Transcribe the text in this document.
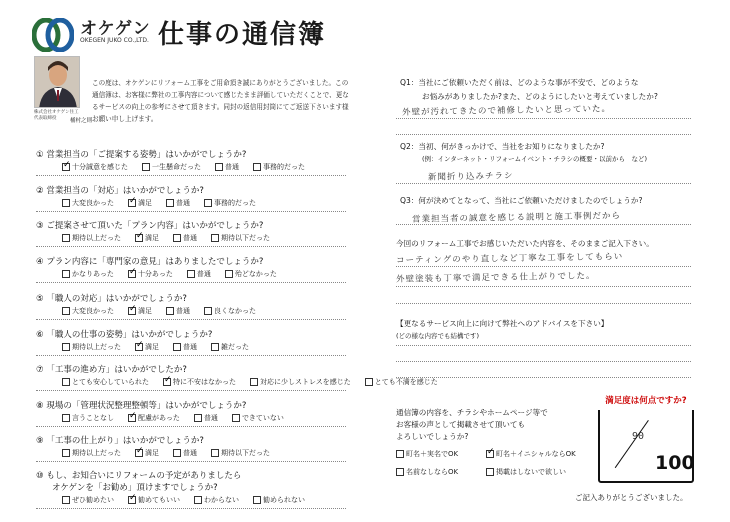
オケゲン
OKEGEN JUKO CO.,LTD. 仕事の通信簿
株式会社オケゲン住工
代表取締役 桶村之則
この度は、オケゲンにリフォーム工事をご用命頂き誠にありがとうございました。この通信簿は、お客様に弊社の工事内容について感じたまま評価していただくことで、更なるサービスの向上の参考にさせて頂きます。同封の返信用封筒にてご返送下さいます様お願い申し上げます。
① 営業担当の「ご提案する姿勢」はいかがでしょうか?
✓
十分誠意を感じた	一生懸命だった	普通	事務的だった
② 営業担当の「対応」はいかがでしょうか?
大変良かった ✓	満足	普通	事務的だった
③ ご提案させて頂いた「プラン内容」はいかがでしょうか?
期待以上だった ✓	満足	普通	期待以下だった
④ プラン内容に「専門家の意見」はありましたでしょうか?
かなりあった ✓	十分あった	普通	殆どなかった
⑤ 「職人の対応」はいかがでしょうか?
大変良かった ✓	満足	普通	良くなかった
⑥ 「職人の仕事の姿勢」はいかがでしょうか?
期待以上だった ✓	満足	普通	雑だった
⑦ 「工事の進め方」はいかがでしたか?
とても安心していられた ✓	特に不安はなかった	対応に少しストレスを感じた	とても不満を感じた
⑧ 現場の「管理状況整理整頓等」はいかがでしょうか?
言うことなし ✓	配慮があった	普通	できていない
⑨ 「工事の仕上がり」はいかがでしょうか?
期待以上だった ✓	満足	普通	期待以下だった
⑩ もし、お知合いにリフォームの予定がありましたら
オケゲンを「お勧め」頂けますでしょうか?
ぜひ勧めたい ✓	勧めてもいい	わからない	勧められない
Q1：当社にご依頼いただく前は、どのような事が不安で、どのような
お悩みがありましたか?また、どのようにしたいと考えていましたか?
外壁が汚れてきたので補修したいと思っていた。
Q2：当初、何がきっかけで、当社をお知りになりましたか?
(例：インターネット・リフォームイベント・チラシの概要・以前から　など)
新聞折り込みチラシ
Q3：何が決めてとなって、当社にご依頼いただけましたのでしょうか?
営業担当者の誠意を感じる説明と施工事例だから
今回のリフォーム工事でお感じいただいた内容を、そのままご記入下さい。
コーティングのやり直しなど丁寧な工事をしてもらい
外壁塗装も丁寧で満足できる仕上がりでした。
【更なるサービス向上に向けて弊社へのアドバイスを下さい】
(どの様な内容でも結構です)
通信簿の内容を、チラシやホームページ等で
お客様の声として掲載させて頂いても
よろしいでしょうか?
町名＋実名でOK ✓	町名＋イニシャルならOK
名前なしならOK	掲載はしないで欲しい
満足度は何点ですか?
90
100
ご記入ありがとうございました。
